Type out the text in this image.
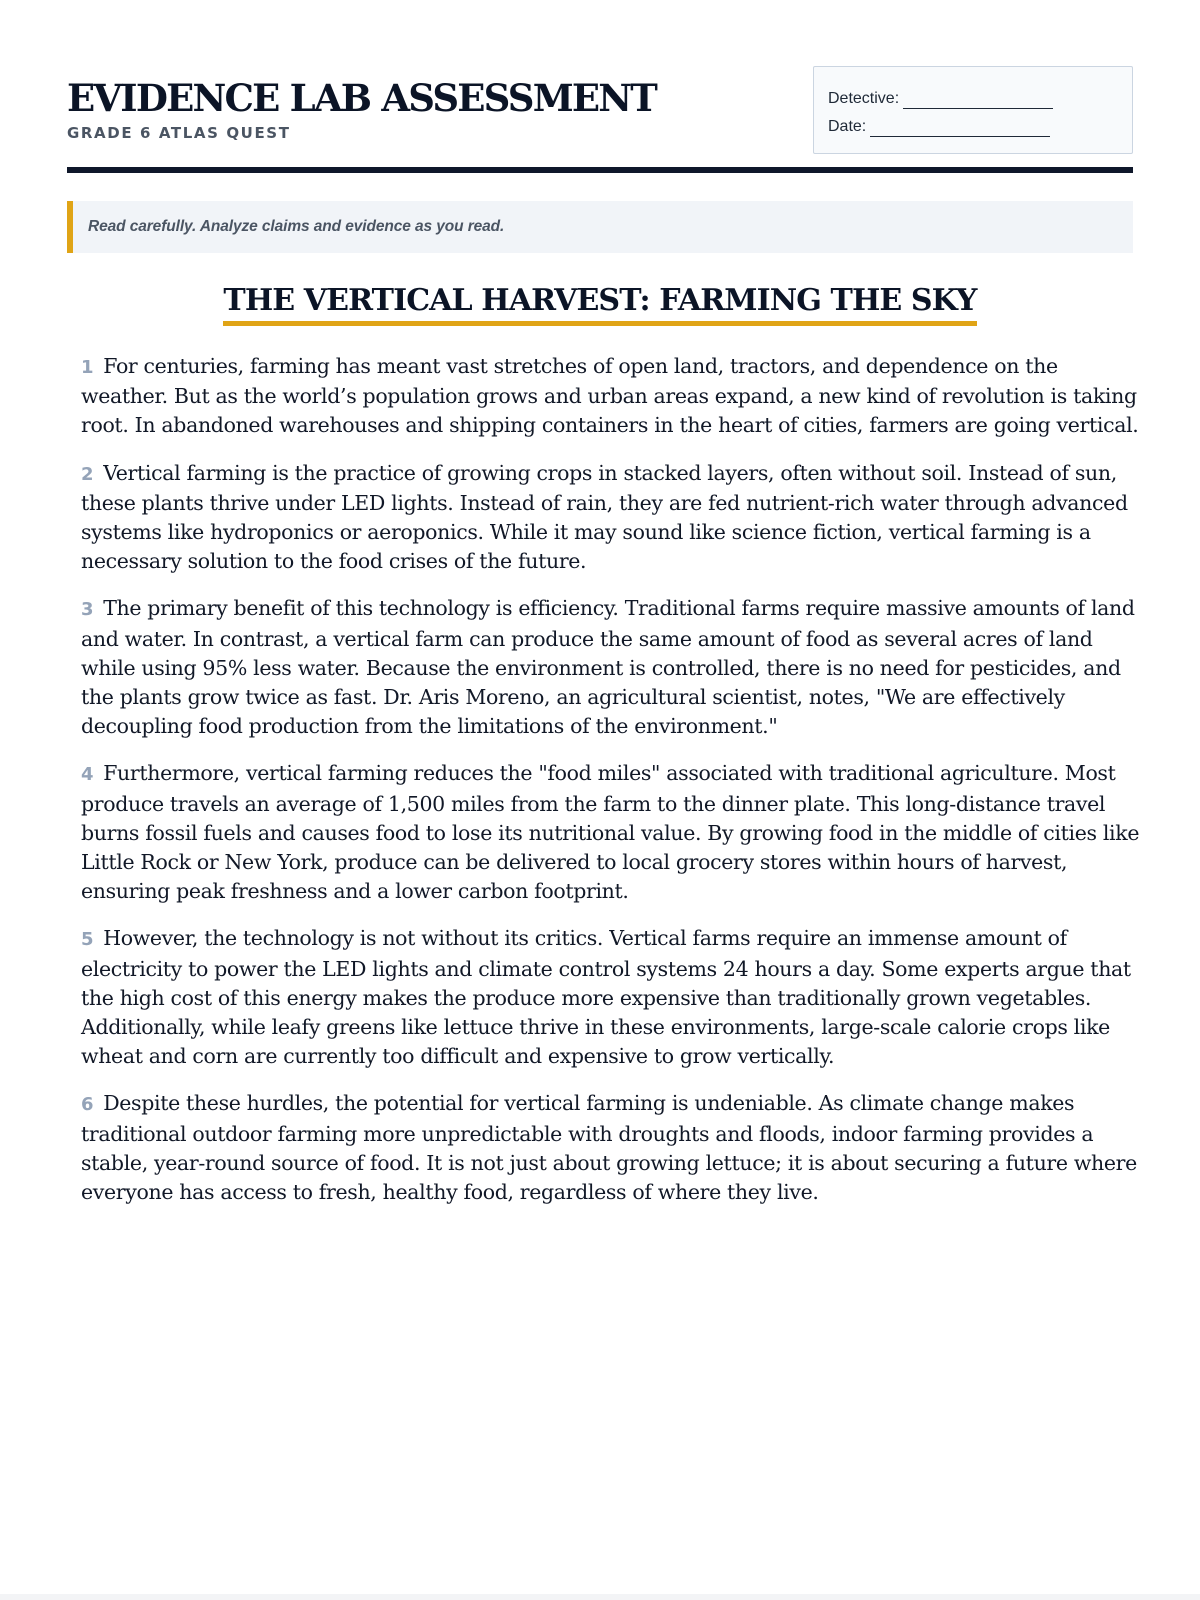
EVIDENCE LAB ASSESSMENT
GRADE 6 ATLAS QUEST
Detective:
Date:
Read carefully. Analyze claims and evidence as you read.
THE VERTICAL HARVEST: FARMING THE SKY

1 For centuries, farming has meant vast stretches of open land, tractors, and dependence on the weather. But as the world’s population grows and urban areas expand, a new kind of revolution is taking root. In abandoned warehouses and shipping containers in the heart of cities, farmers are going vertical.

2 Vertical farming is the practice of growing crops in stacked layers, often without soil. Instead of sun, these plants thrive under LED lights. Instead of rain, they are fed nutrient-rich water through advanced systems like hydroponics or aeroponics. While it may sound like science fiction, vertical farming is a necessary solution to the food crises of the future.

3 The primary benefit of this technology is efficiency. Traditional farms require massive amounts of land and water. In contrast, a vertical farm can produce the same amount of food as several acres of land while using 95% less water. Because the environment is controlled, there is no need for pesticides, and the plants grow twice as fast. Dr. Aris Moreno, an agricultural scientist, notes, "We are effectively decoupling food production from the limitations of the environment."

4 Furthermore, vertical farming reduces the "food miles" associated with traditional agriculture. Most produce travels an average of 1,500 miles from the farm to the dinner plate. This long-distance travel burns fossil fuels and causes food to lose its nutritional value. By growing food in the middle of cities like Little Rock or New York, produce can be delivered to local grocery stores within hours of harvest, ensuring peak freshness and a lower carbon footprint.

5 However, the technology is not without its critics. Vertical farms require an immense amount of electricity to power the LED lights and climate control systems 24 hours a day. Some experts argue that the high cost of this energy makes the produce more expensive than traditionally grown vegetables. Additionally, while leafy greens like lettuce thrive in these environments, large-scale calorie crops like wheat and corn are currently too difficult and expensive to grow vertically.

6 Despite these hurdles, the potential for vertical farming is undeniable. As climate change makes traditional outdoor farming more unpredictable with droughts and floods, indoor farming provides a stable, year-round source of food. It is not just about growing lettuce; it is about securing a future where everyone has access to fresh, healthy food, regardless of where they live.
